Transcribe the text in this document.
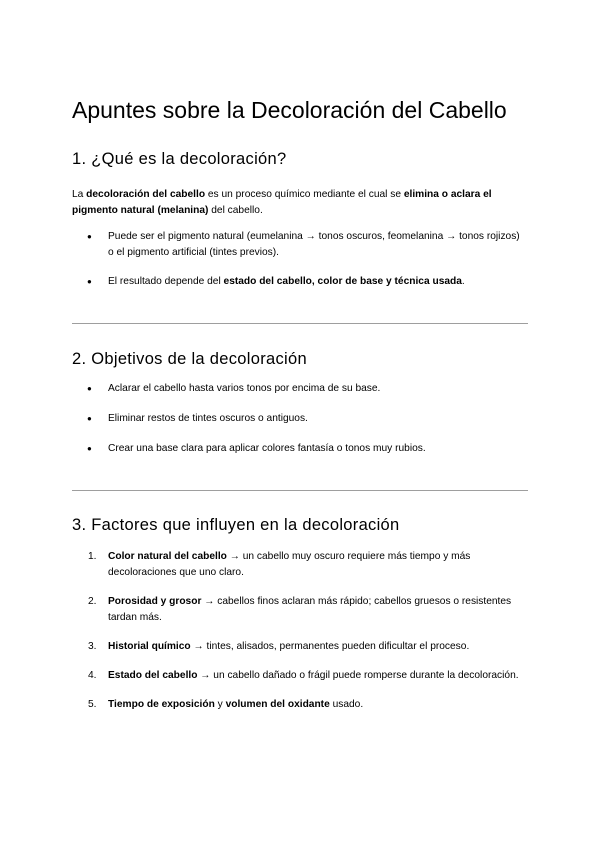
Apuntes sobre la Decoloración del Cabello
1. ¿Qué es la decoloración?

La decoloración del cabello es un proceso químico mediante el cual se elimina o aclara el pigmento natural (melanina) del cabello.

● Puede ser el pigmento natural (eumelanina → tonos oscuros, feomelanina → tonos rojizos) o el pigmento artificial (tintes previos).
● El resultado depende del estado del cabello, color de base y técnica usada.
2. Objetivos de la decoloración
● Aclarar el cabello hasta varios tonos por encima de su base.
● Eliminar restos de tintes oscuros o antiguos.
● Crear una base clara para aplicar colores fantasía o tonos muy rubios.
3. Factores que influyen en la decoloración
1. Color natural del cabello → un cabello muy oscuro requiere más tiempo y más decoloraciones que uno claro.
2. Porosidad y grosor → cabellos finos aclaran más rápido; cabellos gruesos o resistentes tardan más.
3. Historial químico → tintes, alisados, permanentes pueden dificultar el proceso.
4. Estado del cabello → un cabello dañado o frágil puede romperse durante la decoloración.
5. Tiempo de exposición y volumen del oxidante usado.
